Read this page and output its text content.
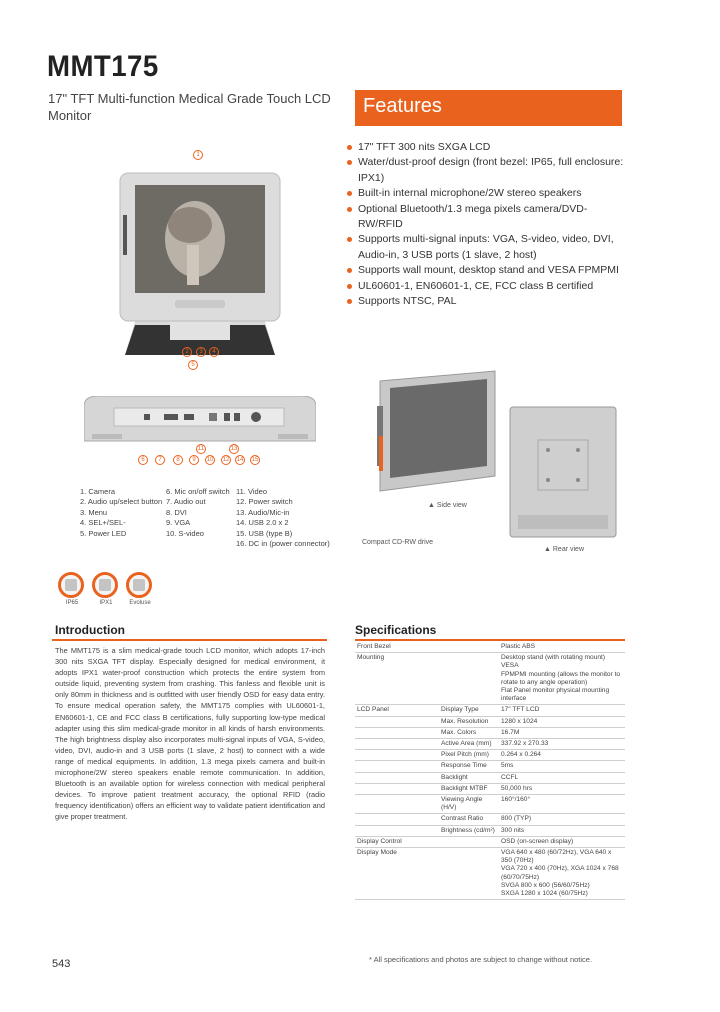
MMT175
17" TFT Multi-function Medical Grade Touch LCD Monitor	Features
17" TFT 300 nits SXGA LCD
Water/dust-proof design (front bezel: IP65, full enclosure: IPX1)
Built-in internal microphone/2W stereo speakers
Optional Bluetooth/1.3 mega pixels camera/DVD-RW/RFID
Supports multi-signal inputs: VGA, S-video, video, DVI, Audio-in, 3 USB ports (1 slave, 2 host)
Supports wall mount, desktop stand and VESA FPMPMI
UL60601-1, EN60601-1, CE, FCC class B certified
Supports NTSC, PAL
1
2	3	4
5
6	7	8	9	10
11
12
13
14 15
▲ Side view
Compact CD-RW drive
▲ Rear view
1. Camera
2. Audio up/select button
3. Menu
4. SEL+/SEL-
5. Power LED
6. Mic on/off switch
7. Audio out
8. DVI
9. VGA
10. S-video
11. Video
12. Power switch
13. Audio/Mic-in
14. USB 2.0 x 2
15. USB (type B)
16. DC in (power connector)
IP65	IPX1	Evoluse
Introduction
The MMT175 is a slim medical-grade touch LCD monitor, which adopts 17-inch 300 nits SXGA TFT display. Especially designed for medical environment, it adopts IPX1 water-proof construction which protects the entire system from outside liquid, preventing system from crashing. This fanless and flexible unit is only 80mm in thickness and is outfitted with user friendly OSD for easy data entry. To ensure medical operation safety, the MMT175 complies with UL60601-1, EN60601-1, CE and FCC class B certifications, fully supporting low-type medical adapter using this slim medical-grade monitor in all kinds of harsh environments. The high brightness display also incorporates multi-signal inputs of VGA, S-video, video, DVI, audio-in and 3 USB ports (1 slave, 2 host) to connect with a wide range of medical equipments. In addition, 1.3 mega pixels camera and built-in microphone/2W stereo speakers enable remote communication. In addition, Bluetooth is an available option for wireless connection with medical peripheral devices. To improve patient treatment accuracy, the optional RFID (radio frequency identification) offers an efficient way to validate patient identification and give proper treatment.
Specifications
Front Bezel		Plastic ABS
Mounting		Desktop stand (with rotating mount) VESA
FPMPMI mounting (allows the monitor to rotate to any angle operation)
Flat Panel monitor physical mounting interface
LCD Panel	Display Type	17" TFT LCD
	Max. Resolution	1280 x 1024
	Max. Colors	16.7M
	Active Area (mm)	337.92 x 270.33
	Pixel Pitch (mm)	0.264 x 0.264
	Response Time	5ms
	Backlight	CCFL
	Backlight MTBF	50,000 hrs
	Viewing Angle (H/V)	160°/160°
	Contrast Ratio	800 (TYP)
	Brightness (cd/m²)	300 nits
Display Control		OSD (on-screen display)
Display Mode		VGA 640 x 480 (60/72Hz), VGA 640 x 350 (70Hz)
VGA 720 x 400 (70Hz), XGA 1024 x 768 (60/70/75Hz)
SVGA 800 x 600 (56/60/75Hz)
SXGA 1280 x 1024 (60/75Hz)
543	* All specifications and photos are subject to change without notice.
